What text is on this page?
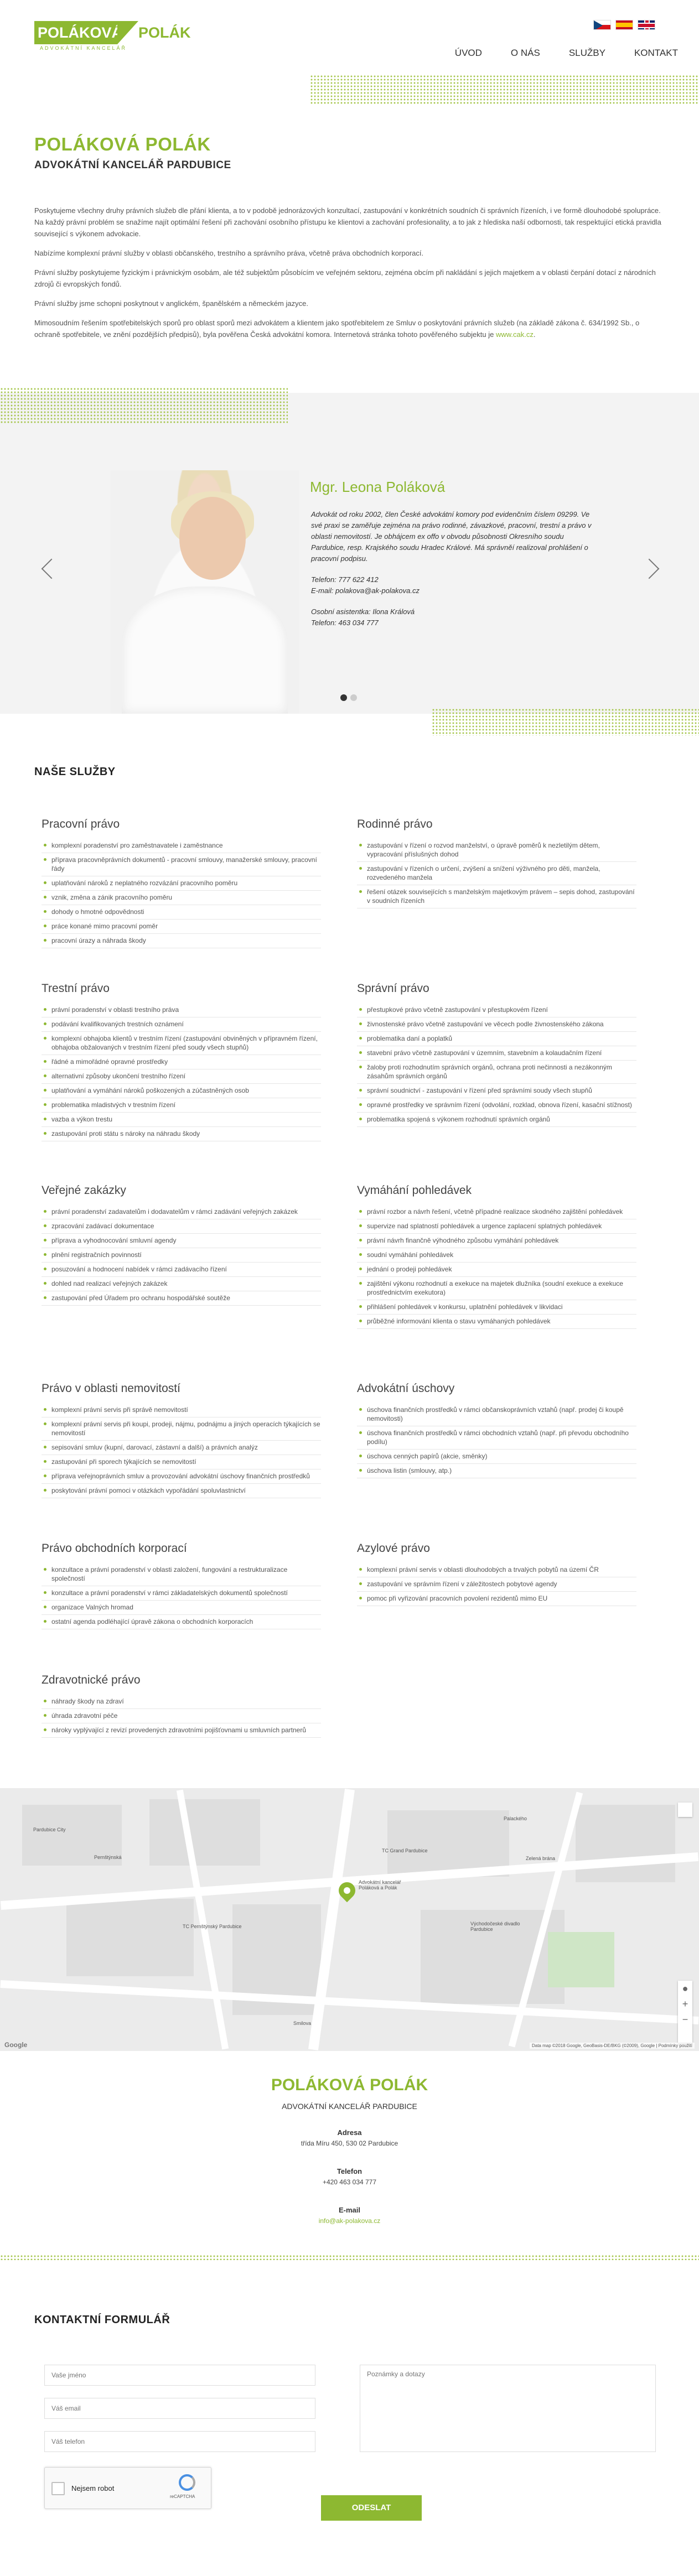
POLÁKOVÁ POLÁK
ADVOKÁTNÍ KANCELÁŘ	ÚVOD	O NÁS	SLUŽBY	KONTAKT
POLÁKOVÁ POLÁK
ADVOKÁTNÍ KANCELÁŘ PARDUBICE

Poskytujeme všechny druhy právních služeb dle přání klienta, a to v podobě jednorázových konzultací, zastupování v konkrétních soudních či správních řízeních, i ve formě dlouhodobé spolupráce. Na každý právní problém se snažíme najít optimální řešení při zachování osobního přístupu ke klientovi a zachování profesionality, a to jak z hlediska naší odbornosti, tak respektující etická pravidla související s výkonem advokacie.

Nabízíme komplexní právní služby v oblasti občanského, trestního a správního práva, včetně práva obchodních korporací.

Právní služby poskytujeme fyzickým i právnickým osobám, ale též subjektům působícím ve veřejném sektoru, zejména obcím při nakládání s jejich majetkem a v oblasti čerpání dotací z národních zdrojů či evropských fondů.

Právní služby jsme schopni poskytnout v anglickém, španělském a německém jazyce.

Mimosoudním řešením spotřebitelských sporů pro oblast sporů mezi advokátem a klientem jako spotřebitelem ze Smluv o poskytování právních služeb (na základě zákona č. 634/1992 Sb., o ochraně spotřebitele, ve znění pozdějších předpisů), byla pověřena Česká advokátní komora. Internetová stránka tohoto pověřeného subjektu je www.cak.cz.

Mgr. Leona Poláková

Advokát od roku 2002, člen České advokátní komory pod evidenčním číslem 09299. Ve své praxi se zaměřuje zejména na právo rodinné, závazkové, pracovní, trestní a právo v oblasti nemovitostí. Je obhájcem ex offo v obvodu působnosti Okresního soudu Pardubice, resp. Krajského soudu Hradec Králové. Má správněí realizoval prohlášení o pracovní podpisu.

Telefon: 777 622 412
E-mail: polakova@ak-polakova.cz
Osobní asistentka: Ilona Králová
Telefon: 463 034 777
NAŠE SLUŽBY
Pracovní právo
komplexní poradenství pro zaměstnavatele i zaměstnance
příprava pracovněprávních dokumentů - pracovní smlouvy, manažerské smlouvy, pracovní řády
uplatňování nároků z neplatného rozvázání pracovního poměru
vznik, změna a zánik pracovního poměru
dohody o hmotné odpovědnosti
práce konané mimo pracovní poměr
pracovní úrazy a náhrada škody
Rodinné právo
zastupování v řízení o rozvod manželství, o úpravě poměrů k nezletilým dětem, vypracování příslušných dohod
zastupování v řízeních o určení, zvýšení a snížení výživného pro děti, manžela, rozvedeného manžela
řešení otázek souvisejících s manželským majetkovým právem – sepis dohod, zastupování v soudních řízeních
Trestní právo
právní poradenství v oblasti trestního práva
podávání kvalifikovaných trestních oznámení
komplexní obhajoba klientů v trestním řízení (zastupování obviněných v přípravném řízení, obhajoba obžalovaných v trestním řízení před soudy všech stupňů)
řádné a mimořádné opravné prostředky
alternativní způsoby ukončení trestního řízení
uplatňování a vymáhání nároků poškozených a zúčastněných osob
problematika mladistvých v trestním řízení
vazba a výkon trestu
zastupování proti státu s nároky na náhradu škody
Správní právo
přestupkové právo včetně zastupování v přestupkovém řízení
živnostenské právo včetně zastupování ve věcech podle živnostenského zákona
problematika daní a poplatků
stavební právo včetně zastupování v územním, stavebním a kolaudačním řízení
žaloby proti rozhodnutím správních orgánů, ochrana proti nečinnosti a nezákonným zásahům správních orgánů
správní soudnictví - zastupování v řízení před správními soudy všech stupňů
opravné prostředky ve správním řízení (odvolání, rozklad, obnova řízení, kasační stížnost)
problematika spojená s výkonem rozhodnutí správních orgánů
Veřejné zakázky
právní poradenství zadavatelům i dodavatelům v rámci zadávání veřejných zakázek
zpracování zadávací dokumentace
příprava a vyhodnocování smluvní agendy
plnění registračních povinností
posuzování a hodnocení nabídek v rámci zadávacího řízení
dohled nad realizací veřejných zakázek
zastupování před Úřadem pro ochranu hospodářské soutěže
Vymáhání pohledávek
právní rozbor a návrh řešení, včetně případné realizace skodného zajištění pohledávek
supervize nad splatností pohledávek a urgence zaplacení splatných pohledávek
právní návrh finančně výhodného způsobu vymáhání pohledávek
soudní vymáhání pohledávek
jednání o prodeji pohledávek
zajištění výkonu rozhodnutí a exekuce na majetek dlužníka (soudní exekuce a exekuce prostřednictvím exekutora)
přihlášení pohledávek v konkursu, uplatnění pohledávek v likvidaci
průběžné informování klienta o stavu vymáhaných pohledávek
Právo v oblasti nemovitostí
komplexní právní servis při správě nemovitostí
komplexní právní servis při koupi, prodeji, nájmu, podnájmu a jiných operacích týkajících se nemovitostí
sepisování smluv (kupní, darovací, zástavní a další) a právních analýz
zastupování při sporech týkajících se nemovitostí
příprava veřejnoprávních smluv a provozování advokátní úschovy finančních prostředků
poskytování právní pomoci v otázkách vypořádání spoluvlastnictví
Advokátní úschovy
úschova finančních prostředků v rámci občanskoprávních vztahů (např. prodej či koupě nemovitosti)
úschova finančních prostředků v rámci obchodních vztahů (např. při převodu obchodního podílu)
úschova cenných papírů (akcie, směnky)
úschova listin (smlouvy, atp.)
Právo obchodních korporací
konzultace a právní poradenství v oblasti založení, fungování a restrukturalizace společností
konzultace a právní poradenství v rámci základatelských dokumentů společností
organizace Valných hromad
ostatní agenda podléhající úpravě zákona o obchodních korporacích
Azylové právo
komplexní právní servis v oblasti dlouhodobých a trvalých pobytů na území ČR
zastupování ve správním řízení v záležitostech pobytové agendy
pomoc při vyřizování pracovních povolení rezidentů mimo EU
Zdravotnické právo
náhrady škody na zdraví
úhrada zdravotní péče
nároky vyplývající z revizí provedených zdravotními pojišťovnami u smluvních partnerů
TC Pernštýnský Pardubice
Advokátní kancelář Poláková a Polák
TC Grand Pardubice
Palackého
Zelená brána
Východočeské divadlo Pardubice
Smilova
Pernštýnská
Pardubice City
●
+
−
Google	Data map ©2018 Google, GeoBasis-DE/BKG (©2009), Google | Podmínky použití
POLÁKOVÁ POLÁK
ADVOKÁTNÍ KANCELÁŘ PARDUBICE
Adresa
třída Míru 450, 530 02 Pardubice
Telefon
+420 463 034 777
E-mail
info@ak-polakova.cz
KONTAKTNÍ FORMULÁŘ
Vaše jméno
Váš email
Váš telefon
Poznámky a dotazy
Nejsem robot
reCAPTCHA
ODESLAT
